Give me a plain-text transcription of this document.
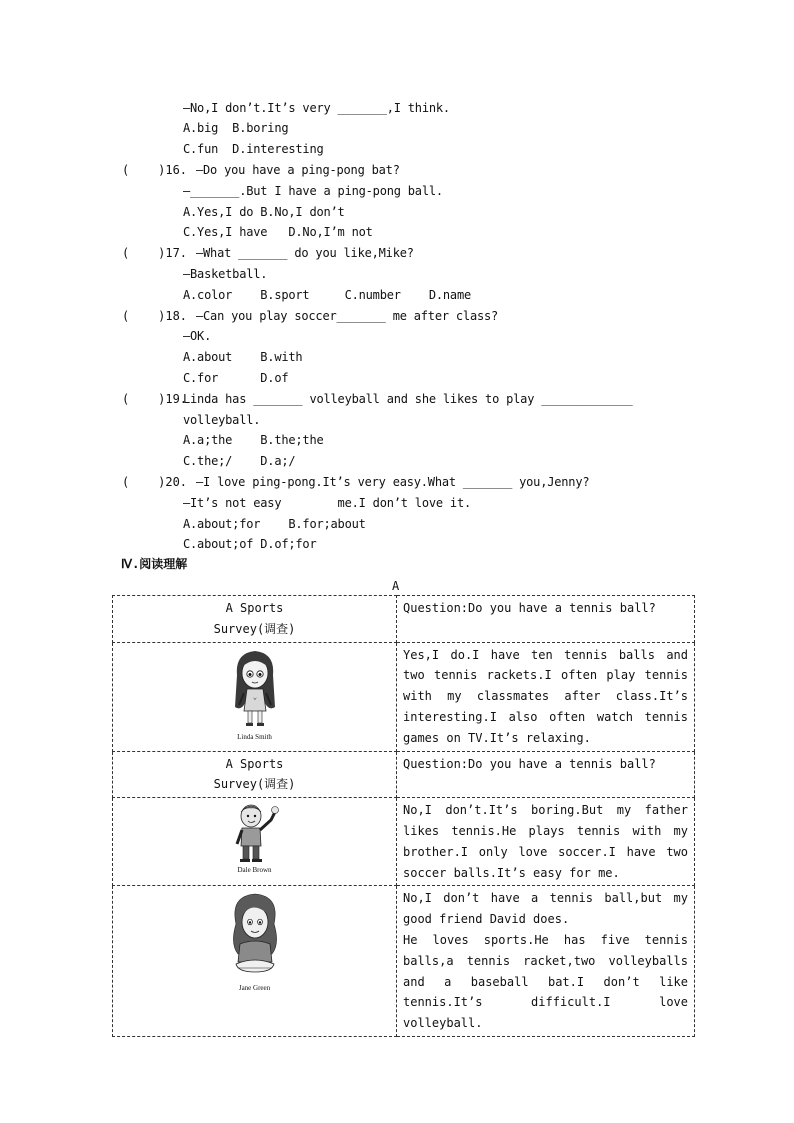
—No,I don’t.It’s very _______,I think.
A.big  B.boring
C.fun  D.interesting
(    )16. —Do you have a ping-pong bat?
—_______.But I have a ping-pong ball.
A.Yes,I do B.No,I don’t
C.Yes,I have   D.No,I’m not
(    )17. —What _______ do you like,Mike?
—Basketball.
A.color    B.sport     C.number    D.name
(    )18. —Can you play soccer_______ me after class?
—OK.
A.about    B.with
C.for      D.of
(    )19.
Linda has _______ volleyball and she likes to play _____________
volleyball.
A.a;the    B.the;the
C.the;/    D.a;/
(    )20. —I love ping-pong.It’s very easy.What _______ you,Jenny?
—It’s not easy        me.I don’t love it.
A.about;for    B.for;about
C.about;of D.of;for
Ⅳ.阅读理解
A
A Sports
Survey(调查)	Question:Do you have a tennis ball?

Linda Smith	Yes,I do.I have ten tennis balls and two tennis rackets.I often play tennis with my classmates after class.It’s interesting.I also often watch tennis games on TV.It’s relaxing.

A Sports
Survey(调查)	Question:Do you have a tennis ball?

Dale Brown	No,I don’t.It’s boring.But my father likes tennis.He plays tennis with my brother.I only love soccer.I have two soccer balls.It’s easy for me.

Jane Green	No,I don’t have a tennis ball,but my good friend David does.
He loves sports.He has five tennis balls,a tennis racket,two volleyballs and a baseball bat.I don’t like tennis.It’s difficult.I love volleyball.
